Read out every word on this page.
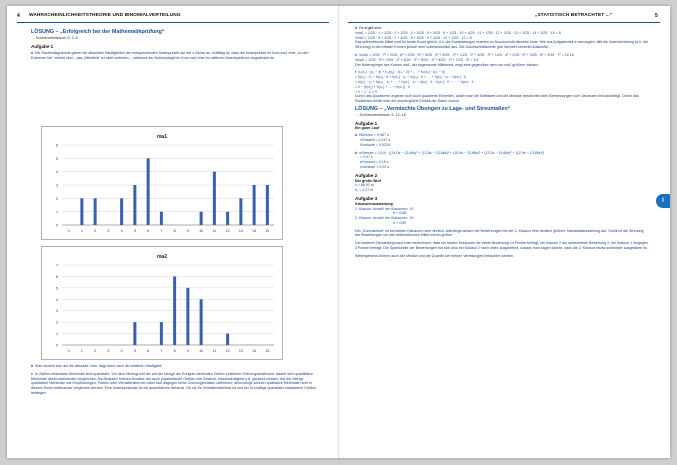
4 WAHRSCHEINLICHKEITSTHEORIE UND BINOMIALVERTEILUNG	„STATISTISCH BETRACHTET ...“	5
LÖSUNG – „Erfolgreich bei der Mathematikprüfung“
→ Schülerarbeitsbuch S. 2–5
Aufgabe 1

a Die Säulendiagramme geben die absoluten Häufigkeiten der entsprechenden Notenpunkte auf der x-Achse an. Auffällig ist, dass die Notenpunkte im Kurs ma1 eher „zu den Extremen hin“ verteilt sind – das „Mittelfeld“ ist nicht vertreten –, während der Notenspiegel im Kurs ma2 eher im mittleren Notenspektrum angesiedelt ist.

ma1
0
1
2
3
4
5
6
0	1	2	3	4	5	6	7	8	9	10	11	12	13	14	15
ma2
0
1
2
3
4
5
6
7
0	1	2	3	4	5	6	7	8	9	10	11	12	13	14	15

b Man bezieht sich auf die absolute, bzw. fragt dann nach der relativen Häufigkeit.

c In Zahlen erfassbare Merkmale sind quantitativ. Vor dem Hintergrund der auf der Menge der Ereignis stehenden Zahlen existieren Ordnungsrelationen, lassen sich quantitative Merkmale direkt miteinander vergleichen. Als Beispiele können Ansätze wie auch physikalische Größen wie Gewicht, Geschwindigkeit u.Ä. genannt werden. Auf der Menge qualitativer Merkmale wie Empfindungen, Farben oder Verhaltensformen lässt sich dagegen keine Ordnungsrelation definieren; demzufolge können qualitative Merkmale nicht in diesem Sinne miteinander verglichen werden. Eine Notenpunktzahl ist ein quantitatives Merkmal. Ob sie für Zeitdiskreditierbar ist und bei Grundlage quantitativ erfassbarer Größen festlegen.

d Es ergibt sich:
x̄ma1 = 2/25 · 1 + 2/25 · 2 + 2/25 · 4 + 3/25 · 5 + 5/25 · 6 + 1/25 · 10 + 4/25 · 11 + 1/25 · 12 + 2/25 · 13 + 3/25 · 14 + 3/25 · 15 = 8
x̄ma2 = 2/25 · 5 + 2/25 · 7 + 6/25 · 8 + 5/25 · 9 + 4/25 · 10 + 1/25 · 12 = 8
Das arithmetische Mittel sind für beide Kurse gleich, d.h. die Kursleistungen erzielen im Durchschnitt dieselbe Note. Wie aus Aufgabenteil a hervorgeht, fällt die Notenverteilung (d.h. die Streuung) in den beiden Kursen jedoch sehr unterschiedlich aus. Die Durchschnittswerte gibt hierüber keinerlei Auskünfte.

e Vma1 = 2/25 · 7² + 2/25 · 6² + 2/25 · 4² + 3/25 · 3² + 5/25 · 2² + 1/25 · 2² + 4/25 · 3² + 1/25 · 4² + 2/25 · 5² + 3/25 · 6² + 3/25 · 7² = 22,16
Vma2 = 2/25 · 3² + 2/25 · 1² + 6/25 · 0² + 5/25 · 1² + 4/25 · 2² + 1/25 · 4² = 3,6
Der Notenspiegel des Kurses ma1, der sogenannte Mittelwert, zeigt eine gegenüber dem von ma2 größere Varianz.

f h₁(x₁) · (x₁ − x̄) + h₂(x₂) · (x₂ − x̄) + … + hₖ(xₖ) · (xₖ − x̄)
= h(x₁) · x₁ − h(x₁) · x̄ + h(x₂) · x₂ − h(x₂) · x̄ + … + h(xₖ) · xₖ − h(xₖ) · x̄
= h(x₁) · x₁ + h(x₂) · x₂ + … + h(xₖ) · xₖ − h(x₁) · x̄ − h(x₂) · x̄ − … − h(xₖ) · x̄
= x̄ − (h(x₁) + h(x₂) + … + h(xₖ)) · x̄
= x̄ − 1 · x̄ = 0
Durch das Quadrieren ergeben sich auch quadrierte Einheiten, außer man die Mittelwert und die Mediale beschreibt beim Berechnungen vom Varianzen berücksichtigt. Durch das Radizieren erhält man die ursprüngliche Einheit der Daten zurück.

LÖSUNG – „Vermischte Übungen zu Lage- und Streumaßen“
→ Schülerarbeitsbuch S. 12–16
Aufgabe 1
Ein guter Lauf

a x̄Strecke = 0,967 s
x̄Gesamt = 0,147 s
s̃Vorlaufe = 0,0224

b σStrecke = √(1/4 · ((14,0s − 13,66s)² + (12,8s − 13,66s)² + (15,4s − 13,66s)² + (13,2s − 13,66s)² + (12,9s − 13,66s)²)
≈ 0,97 s
σGesamt ≈ 0,15 s
σVorlaufe ≈ 0,92 s

Aufgabe 2
Der große Wurf

x̄ = 66,93 m
s₂ = 2,27 m

Aufgabe 3
Klausurenauswertung

1. Klausur: Anzahl der Klausuren: 19
σ = 0,68
2. Klausur: Anzahl der Klausuren: 19
σ = 0,89

Der „Durchschnitt“ ist bei beiden Klausuren sehr ähnlich. Allerdings weisen die Bewertungen bei der 2. Klausur eine deutlich größere Standardabweichung auf. Somit ist die Streuung der Bewertungen um den arithmetischen Mittel herum größer.

Der weiteren Beurteilung kann man bezeichnen, dass bei beiden Klausuren die beste Bewertung 14 Punkte beträgt, bei Klausur 2 die schlechteste Bewertung 2, bei Klausur 1 hingegen 3 Punkte beträgt. Die Spannweite der Bewertungen hat sich also bei Klausur 2 nach unten ausgedehnt, sodass man sagen könnte, dass die 2. Klausur etwas schlechter ausgefallen ist.

Weitergehend können auch der Median und die Quartile der beiden Verteilungen betrachtet werden.

I
